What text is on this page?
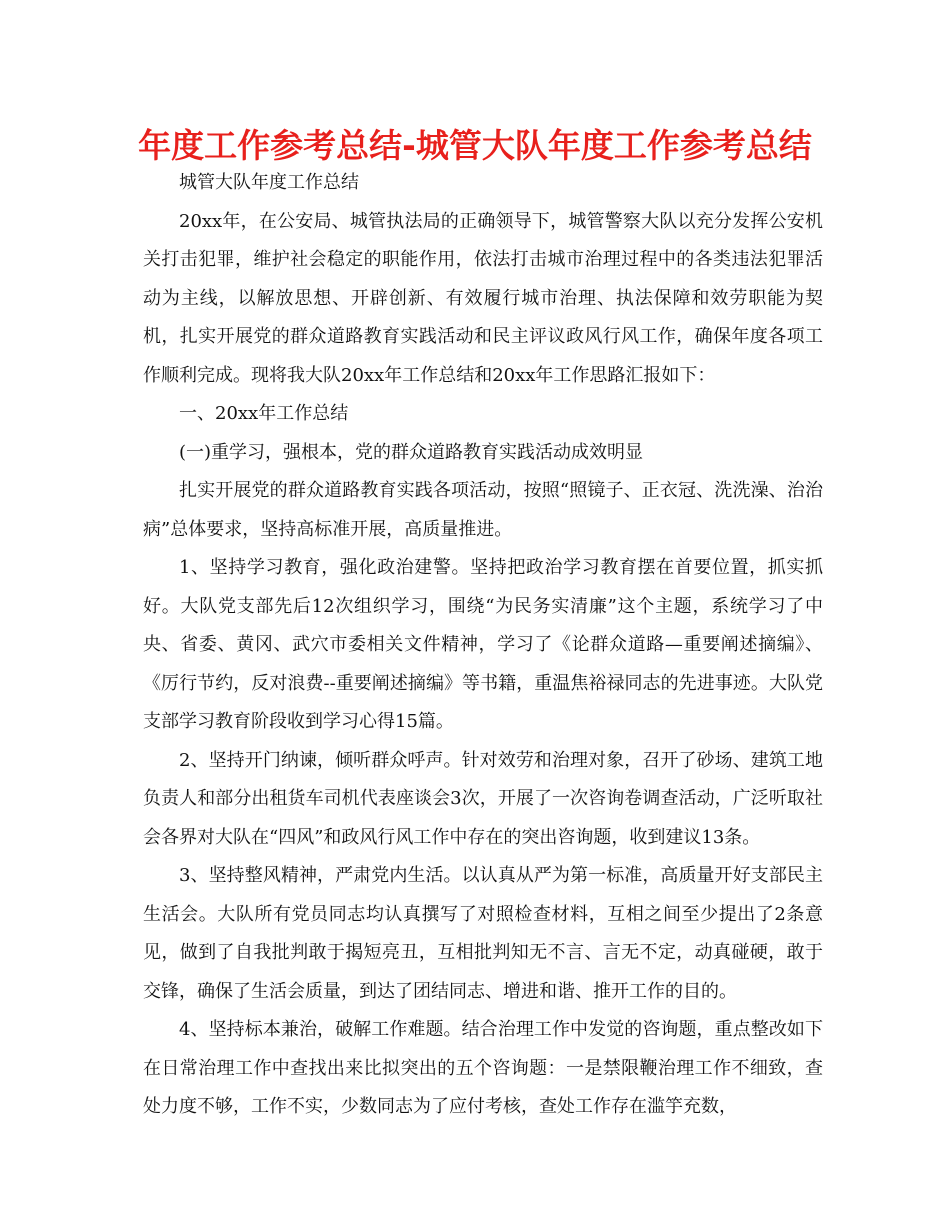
年度工作参考总结-城管大队年度工作参考总结

城管大队年度工作总结

20xx年，在公安局、城管执法局的正确领导下，城管警察大队以充分发挥公安机关打击犯罪，维护社会稳定的职能作用，依法打击城市治理过程中的各类违法犯罪活动为主线，以解放思想、开辟创新、有效履行城市治理、执法保障和效劳职能为契机，扎实开展党的群众道路教育实践活动和民主评议政风行风工作，确保年度各项工作顺利完成。现将我大队20xx年工作总结和20xx年工作思路汇报如下：

一、20xx年工作总结

(一)重学习，强根本，党的群众道路教育实践活动成效明显

扎实开展党的群众道路教育实践各项活动，按照“照镜子、正衣冠、洗洗澡、治治病”总体要求，坚持高标准开展，高质量推进。

1、坚持学习教育，强化政治建警。坚持把政治学习教育摆在首要位置，抓实抓好。大队党支部先后12次组织学习，围绕“为民务实清廉”这个主题，系统学习了中央、省委、黄冈、武穴市委相关文件精神，学习了《论群众道路—重要阐述摘编》、《厉行节约，反对浪费--重要阐述摘编》等书籍，重温焦裕禄同志的先进事迹。大队党支部学习教育阶段收到学习心得15篇。

2、坚持开门纳谏，倾听群众呼声。针对效劳和治理对象，召开了砂场、建筑工地负责人和部分出租货车司机代表座谈会3次，开展了一次咨询卷调查活动，广泛听取社会各界对大队在“四风”和政风行风工作中存在的突出咨询题，收到建议13条。

3、坚持整风精神，严肃党内生活。以认真从严为第一标准，高质量开好支部民主生活会。大队所有党员同志均认真撰写了对照检查材料，互相之间至少提出了2条意见，做到了自我批判敢于揭短亮丑，互相批判知无不言、言无不定，动真碰硬，敢于交锋，确保了生活会质量，到达了团结同志、增进和谐、推开工作的目的。

4、坚持标本兼治，破解工作难题。结合治理工作中发觉的咨询题，重点整改如下在日常治理工作中查找出来比拟突出的五个咨询题：一是禁限鞭治理工作不细致，查处力度不够，工作不实，少数同志为了应付考核，查处工作存在滥竽充数，
